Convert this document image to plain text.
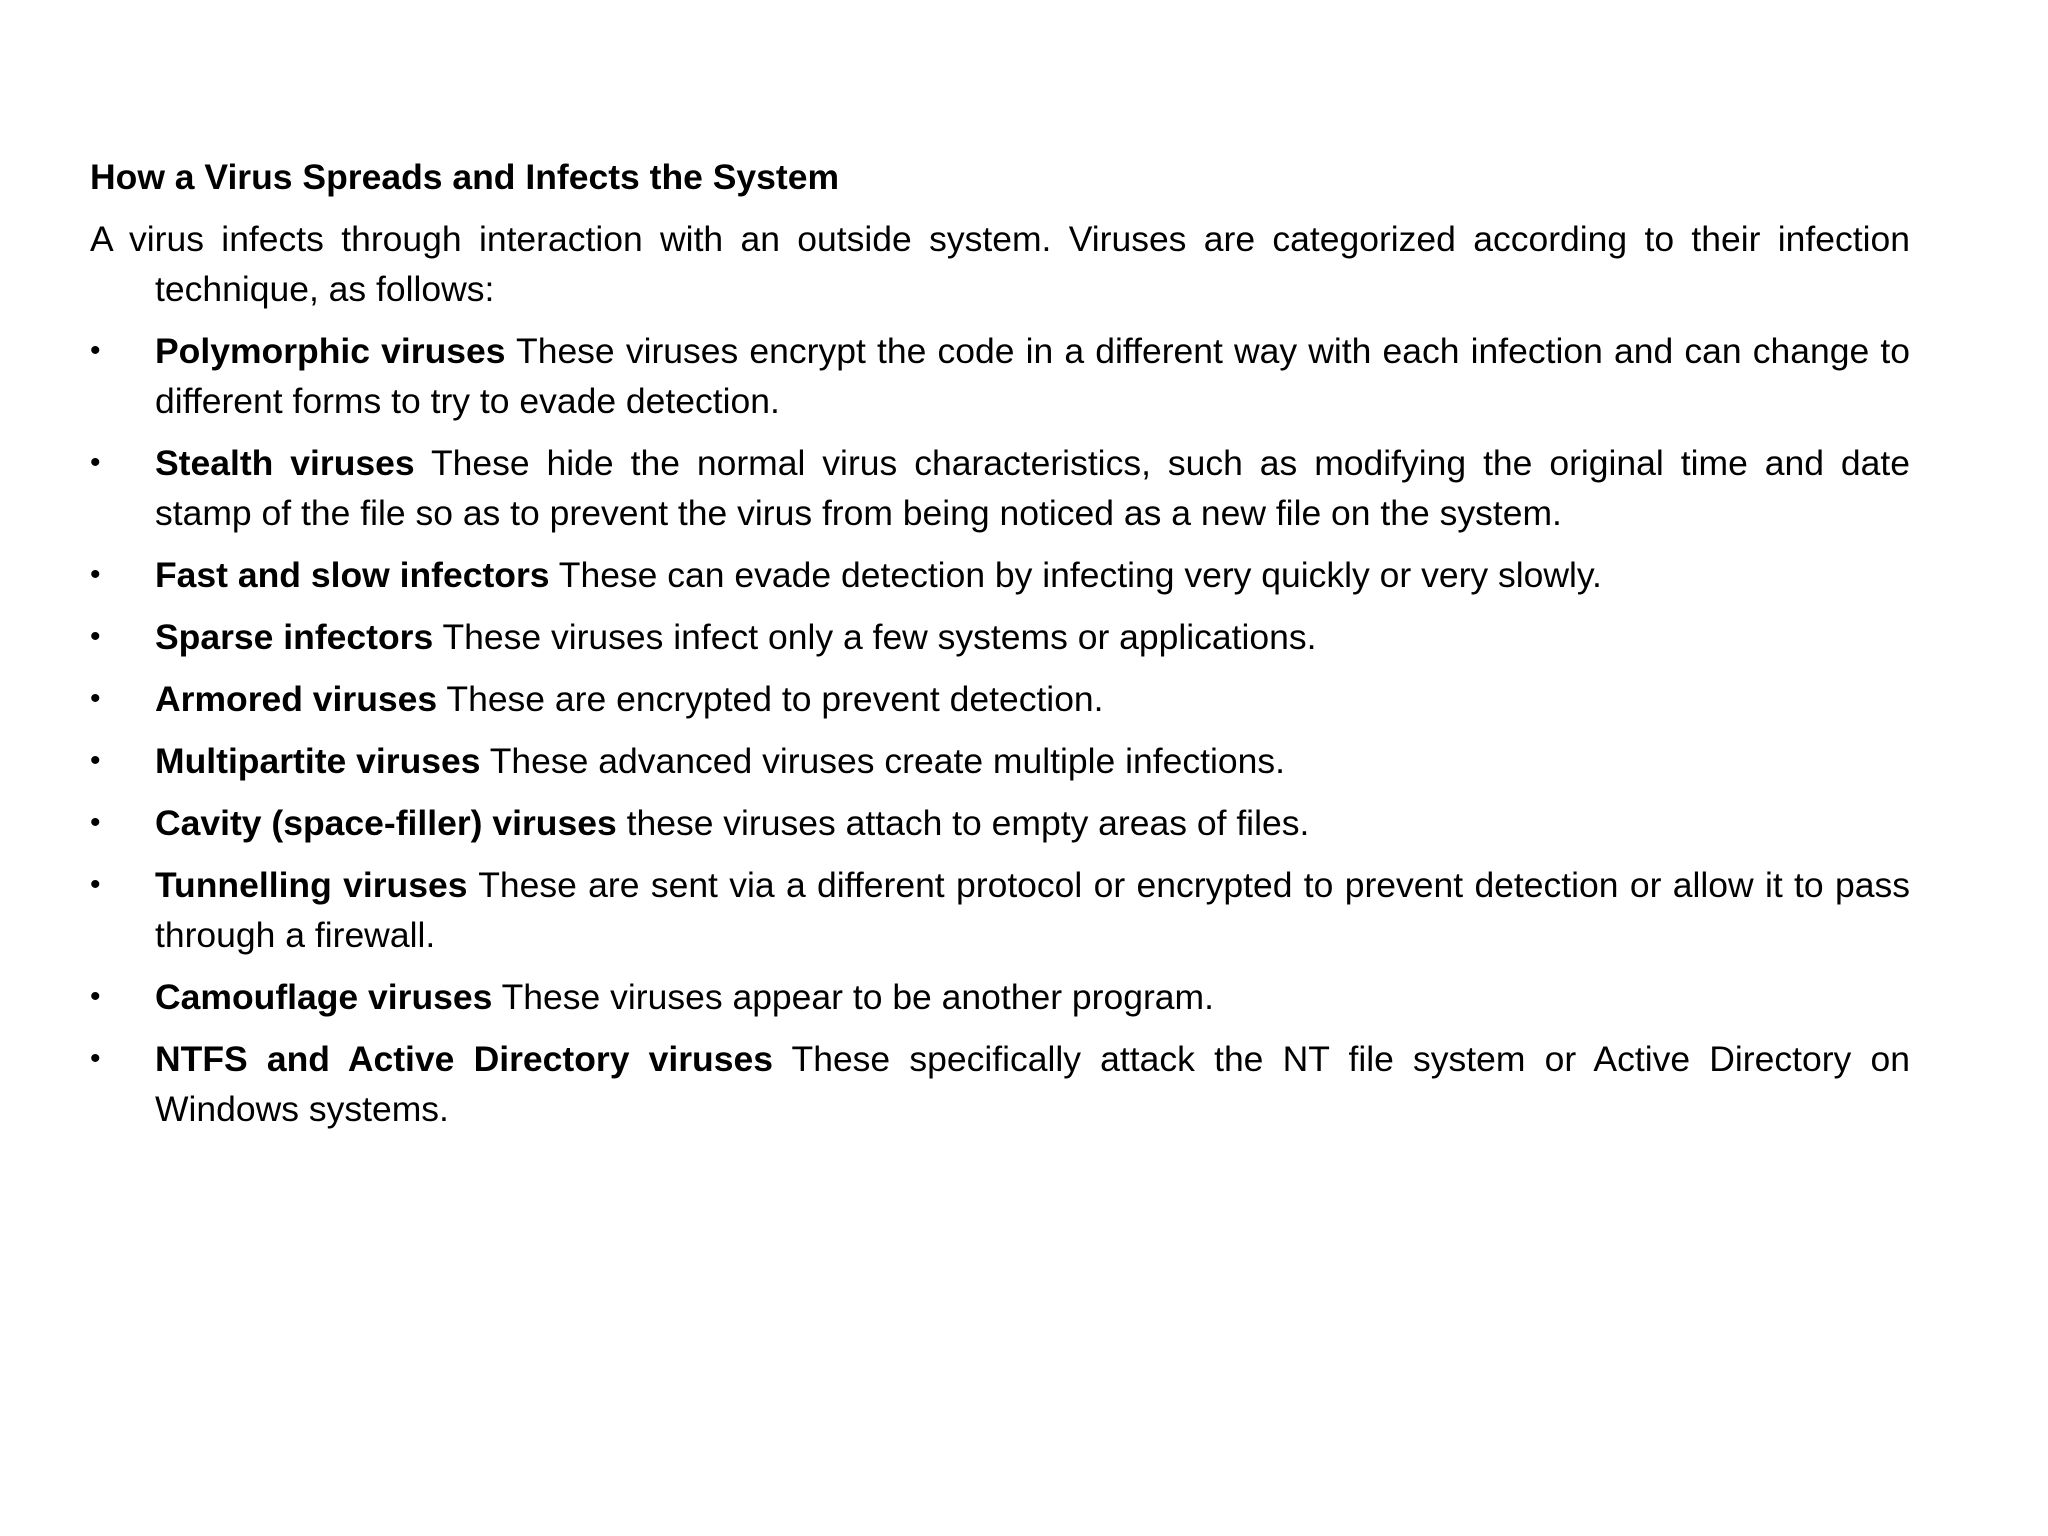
How a Virus Spreads and Infects the System
A virus infects through interaction with an outside system. Viruses are categorized according to their infection technique, as follows:
• Polymorphic viruses These viruses encrypt the code in a different way with each infection and can change to different forms to try to evade detection.
• Stealth viruses These hide the normal virus characteristics, such as modifying the original time and date stamp of the file so as to prevent the virus from being noticed as a new file on the system.
• Fast and slow infectors These can evade detection by infecting very quickly or very slowly.
• Sparse infectors These viruses infect only a few systems or applications.
• Armored viruses These are encrypted to prevent detection.
• Multipartite viruses These advanced viruses create multiple infections.
• Cavity (space-filler) viruses these viruses attach to empty areas of files.
• Tunnelling viruses These are sent via a different protocol or encrypted to prevent detection or allow it to pass through a firewall.
• Camouflage viruses These viruses appear to be another program.
• NTFS and Active Directory viruses These specifically attack the NT file system or Active Directory on Windows systems.
